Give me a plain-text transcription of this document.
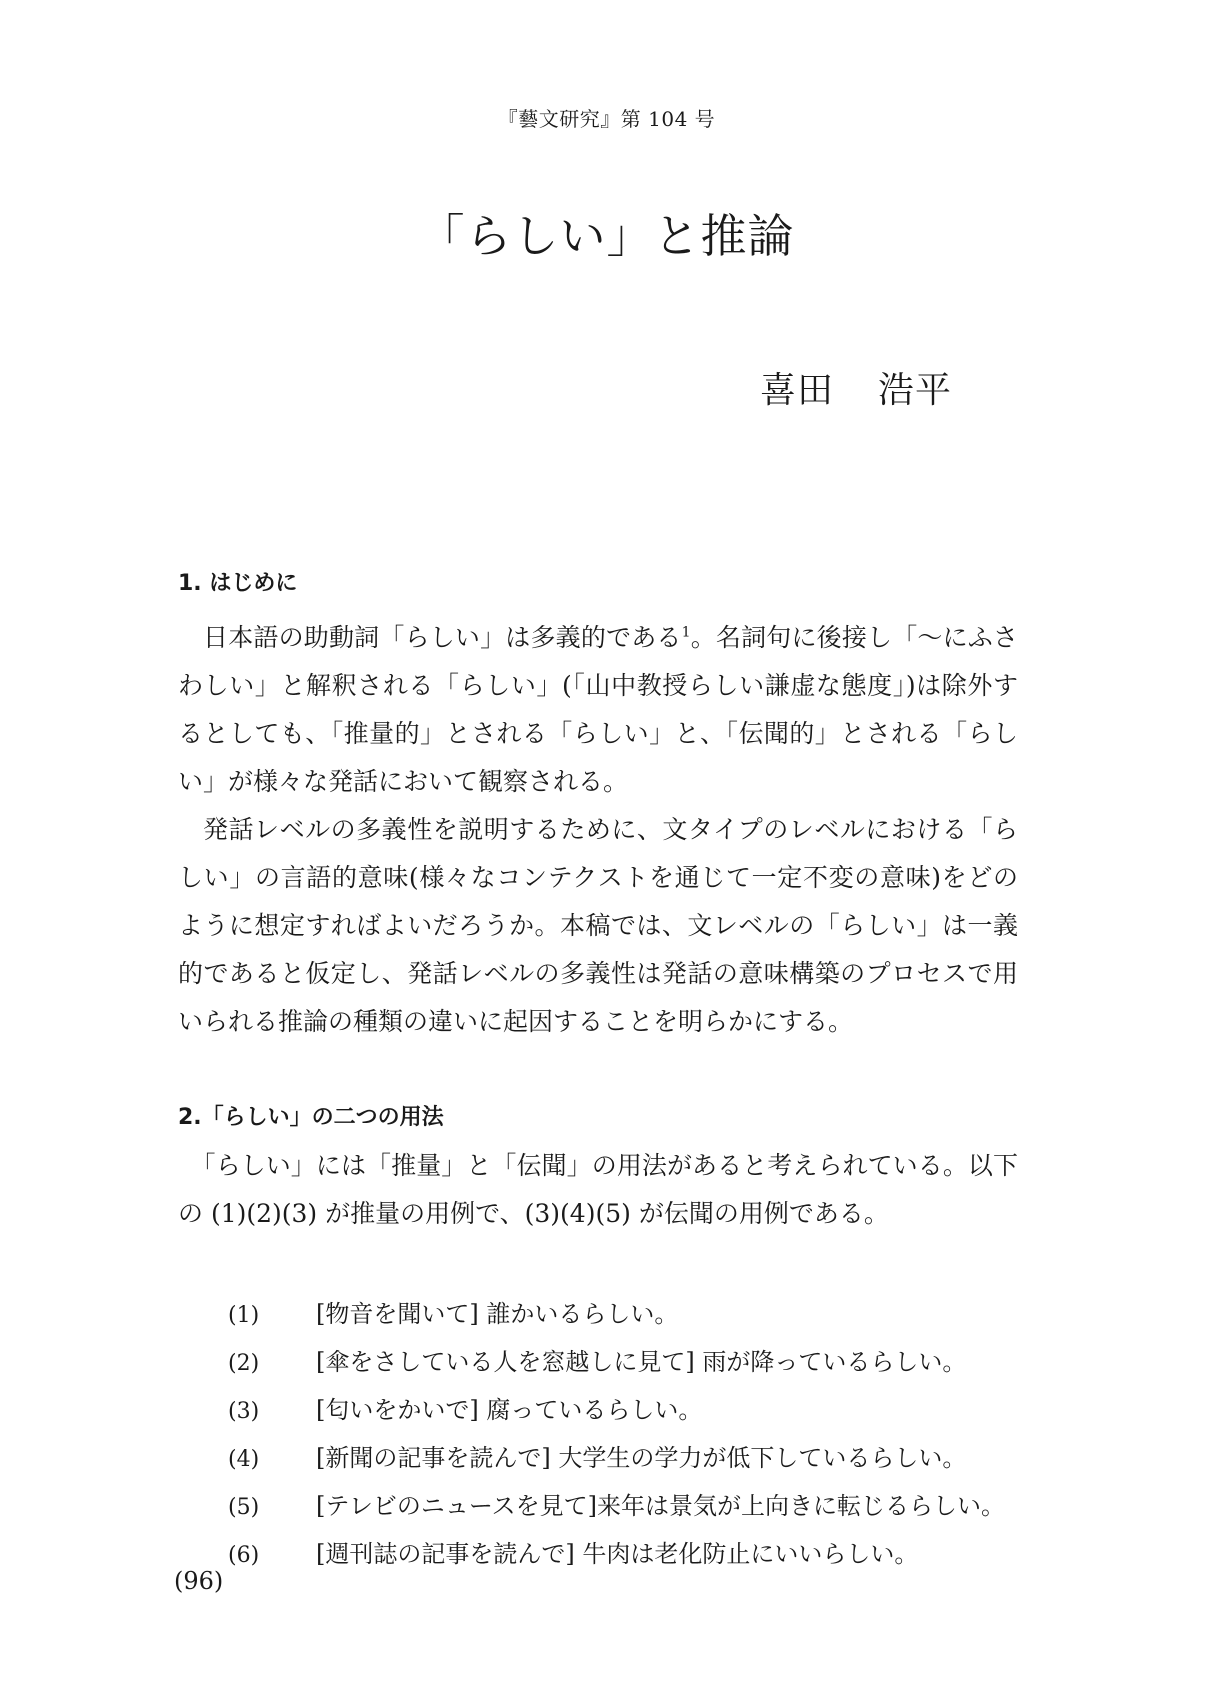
『藝文研究』第 104 号
「らしい」と推論
喜田 浩平
1. はじめに

日本語の助動詞「らしい」は多義的である$^1$。名詞句に後接し「〜にふさわしい」と解釈される「らしい」(「山中教授らしい謙虚な態度」)は除外するとしても、「推量的」とされる「らしい」と、「伝聞的」とされる「らしい」が様々な発話において観察される。

発話レベルの多義性を説明するために、文タイプのレベルにおける「らしい」の言語的意味(様々なコンテクストを通じて一定不変の意味)をどのように想定すればよいだろうか。本稿では、文レベルの「らしい」は一義的であると仮定し、発話レベルの多義性は発話の意味構築のプロセスで用いられる推論の種類の違いに起因することを明らかにする。

2.「らしい」の二つの用法

「らしい」には「推量」と「伝聞」の用法があると考えられている。以下の (1)(2)(3) が推量の用例で、(3)(4)(5) が伝聞の用例である。

(1) [物音を聞いて] 誰かいるらしい。
(2) [傘をさしている人を窓越しに見て] 雨が降っているらしい。
(3) [匂いをかいで] 腐っているらしい。
(4) [新聞の記事を読んで] 大学生の学力が低下しているらしい。
(5) [テレビのニュースを見て]来年は景気が上向きに転じるらしい。
(6) [週刊誌の記事を読んで] 牛肉は老化防止にいいらしい。
(96)
